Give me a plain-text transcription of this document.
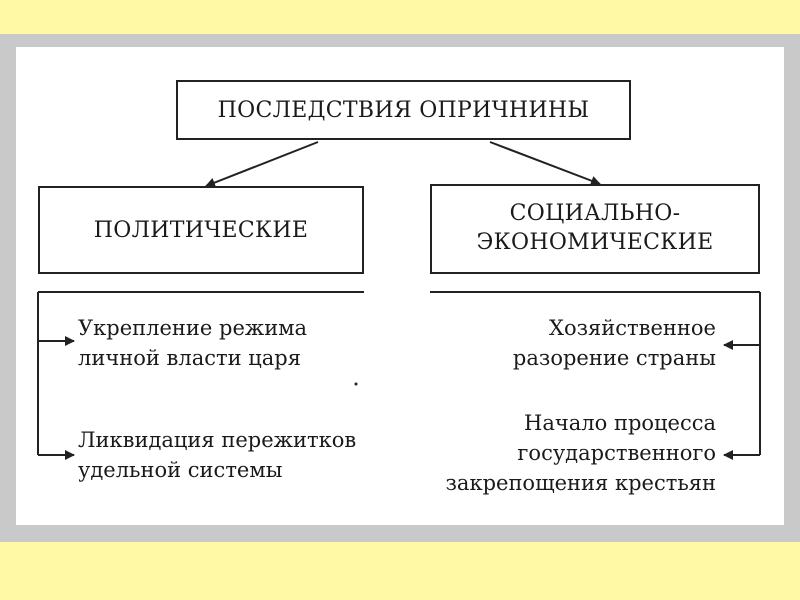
ПОСЛЕДСТВИЯ ОПРИЧНИНЫ
ПОЛИТИЧЕСКИЕ
СОЦИАЛЬНО-
ЭКОНОМИЧЕСКИЕ
Укрепление режима
личной власти царя
Ликвидация пережитков
удельной системы
Хозяйственное
разорение страны
Начало процесса
государственного
закрепощения крестьян
